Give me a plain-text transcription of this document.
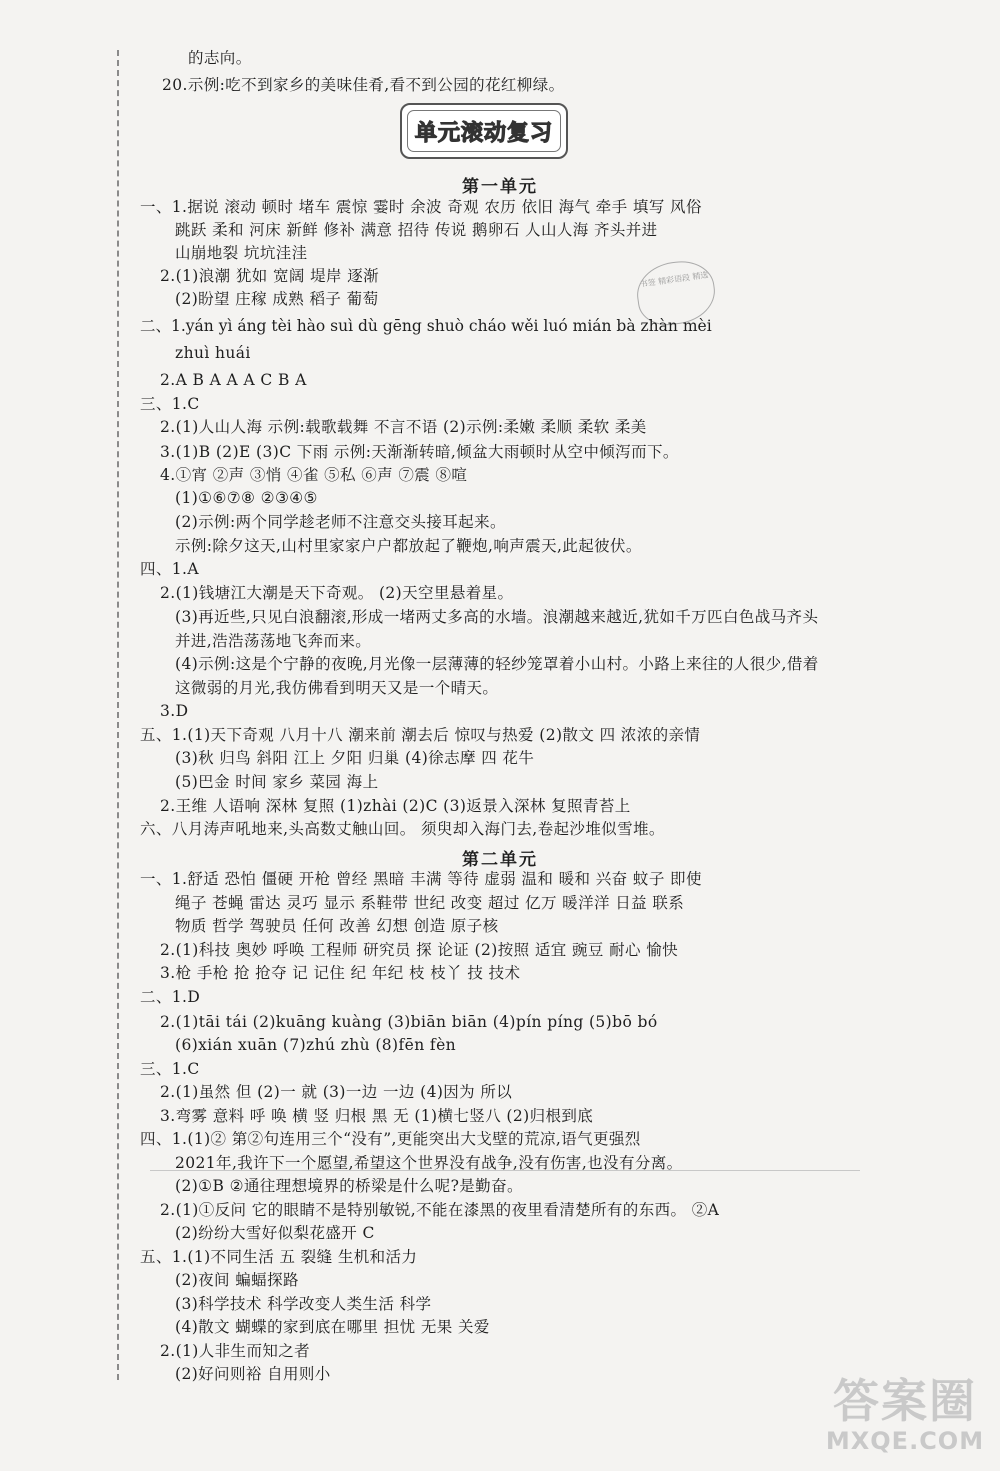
的志向。
20.示例:吃不到家乡的美味佳肴,看不到公园的花红柳绿。
单元滚动复习
书签 精彩语段 精选
第一单元
一、1.据说 滚动 顿时 堵车 震惊 霎时 余波 奇观 农历 依旧 海气 牵手 填写 风俗
跳跃 柔和 河床 新鲜 修补 满意 招待 传说 鹅卵石 人山人海 齐头并进
山崩地裂 坑坑洼洼
2.(1)浪潮 犹如 宽阔 堤岸 逐渐
(2)盼望 庄稼 成熟 稻子 葡萄
二、1.yán yì áng tèi hào suì dù gēng shuò cháo wěi luó mián bà zhàn mèi
zhuì huái
2.A B A A A C B A
三、1.C
2.(1)人山人海 示例:载歌载舞 不言不语 (2)示例:柔嫩 柔顺 柔软 柔美
3.(1)B (2)E (3)C 下雨 示例:天渐渐转暗,倾盆大雨顿时从空中倾泻而下。
4.①宵 ②声 ③悄 ④雀 ⑤私 ⑥声 ⑦震 ⑧喧
(1)①⑥⑦⑧ ②③④⑤
(2)示例:两个同学趁老师不注意交头接耳起来。
示例:除夕这天,山村里家家户户都放起了鞭炮,响声震天,此起彼伏。
四、1.A
2.(1)钱塘江大潮是天下奇观。 (2)天空里悬着星。
(3)再近些,只见白浪翻滚,形成一堵两丈多高的水墙。浪潮越来越近,犹如千万匹白色战马齐头
并进,浩浩荡荡地飞奔而来。
(4)示例:这是个宁静的夜晚,月光像一层薄薄的轻纱笼罩着小山村。小路上来往的人很少,借着
这微弱的月光,我仿佛看到明天又是一个晴天。
3.D
五、1.(1)天下奇观 八月十八 潮来前 潮去后 惊叹与热爱 (2)散文 四 浓浓的亲情
(3)秋 归鸟 斜阳 江上 夕阳 归巢 (4)徐志摩 四 花牛
(5)巴金 时间 家乡 菜园 海上
2.王维 人语响 深林 复照 (1)zhài (2)C (3)返景入深林 复照青苔上
六、八月涛声吼地来,头高数丈触山回。 须臾却入海门去,卷起沙堆似雪堆。
第二单元
一、1.舒适 恐怕 僵硬 开枪 曾经 黑暗 丰满 等待 虚弱 温和 暖和 兴奋 蚊子 即使
绳子 苍蝇 雷达 灵巧 显示 系鞋带 世纪 改变 超过 亿万 暖洋洋 日益 联系
物质 哲学 驾驶员 任何 改善 幻想 创造 原子核
2.(1)科技 奥妙 呼唤 工程师 研究员 探 论证 (2)按照 适宜 豌豆 耐心 愉快
3.枪 手枪 抢 抢夺 记 记住 纪 年纪 枝 枝丫 技 技术
二、1.D
2.(1)tāi tái (2)kuāng kuàng (3)biān biān (4)pín píng (5)bō bó
(6)xián xuān (7)zhú zhù (8)fēn fèn
三、1.C
2.(1)虽然 但 (2)一 就 (3)一边 一边 (4)因为 所以
3.弯雾 意料 呼 唤 横 竖 归根 黑 无 (1)横七竖八 (2)归根到底
四、1.(1)② 第②句连用三个“没有”,更能突出大戈壁的荒凉,语气更强烈
2021年,我许下一个愿望,希望这个世界没有战争,没有伤害,也没有分离。
(2)①B ②通往理想境界的桥梁是什么呢?是勤奋。
2.(1)①反问 它的眼睛不是特别敏锐,不能在漆黑的夜里看清楚所有的东西。 ②A
(2)纷纷大雪好似梨花盛开 C
五、1.(1)不同生活 五 裂缝 生机和活力
(2)夜间 蝙蝠探路
(3)科学技术 科学改变人类生活 科学
(4)散文 蝴蝶的家到底在哪里 担忧 无果 关爱
2.(1)人非生而知之者
(2)好问则裕 自用则小	答案圈
MXQE.COM
